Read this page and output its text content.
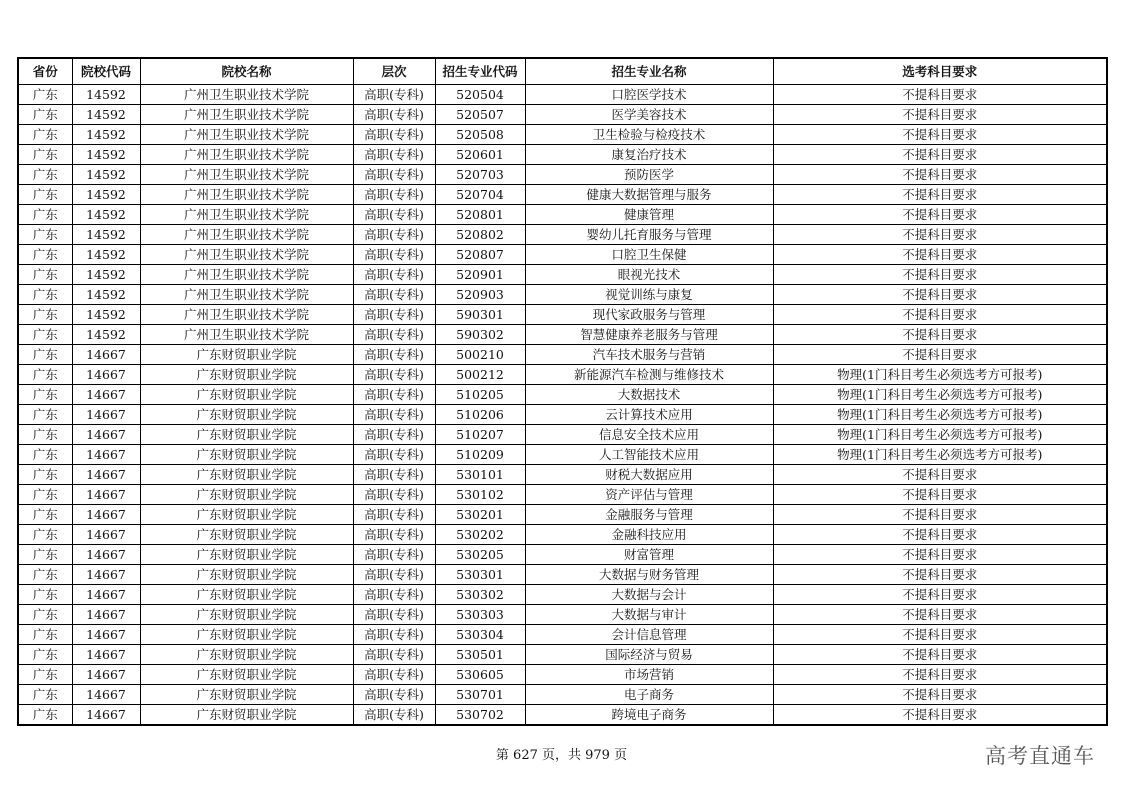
省份	院校代码	院校名称	层次	招生专业代码	招生专业名称	选考科目要求
广东	14592	广州卫生职业技术学院	高职(专科)	520504	口腔医学技术	不提科目要求
广东	14592	广州卫生职业技术学院	高职(专科)	520507	医学美容技术	不提科目要求
广东	14592	广州卫生职业技术学院	高职(专科)	520508	卫生检验与检疫技术	不提科目要求
广东	14592	广州卫生职业技术学院	高职(专科)	520601	康复治疗技术	不提科目要求
广东	14592	广州卫生职业技术学院	高职(专科)	520703	预防医学	不提科目要求
广东	14592	广州卫生职业技术学院	高职(专科)	520704	健康大数据管理与服务	不提科目要求
广东	14592	广州卫生职业技术学院	高职(专科)	520801	健康管理	不提科目要求
广东	14592	广州卫生职业技术学院	高职(专科)	520802	婴幼儿托育服务与管理	不提科目要求
广东	14592	广州卫生职业技术学院	高职(专科)	520807	口腔卫生保健	不提科目要求
广东	14592	广州卫生职业技术学院	高职(专科)	520901	眼视光技术	不提科目要求
广东	14592	广州卫生职业技术学院	高职(专科)	520903	视觉训练与康复	不提科目要求
广东	14592	广州卫生职业技术学院	高职(专科)	590301	现代家政服务与管理	不提科目要求
广东	14592	广州卫生职业技术学院	高职(专科)	590302	智慧健康养老服务与管理	不提科目要求
广东	14667	广东财贸职业学院	高职(专科)	500210	汽车技术服务与营销	不提科目要求
广东	14667	广东财贸职业学院	高职(专科)	500212	新能源汽车检测与维修技术	物理(1门科目考生必须选考方可报考)
广东	14667	广东财贸职业学院	高职(专科)	510205	大数据技术	物理(1门科目考生必须选考方可报考)
广东	14667	广东财贸职业学院	高职(专科)	510206	云计算技术应用	物理(1门科目考生必须选考方可报考)
广东	14667	广东财贸职业学院	高职(专科)	510207	信息安全技术应用	物理(1门科目考生必须选考方可报考)
广东	14667	广东财贸职业学院	高职(专科)	510209	人工智能技术应用	物理(1门科目考生必须选考方可报考)
广东	14667	广东财贸职业学院	高职(专科)	530101	财税大数据应用	不提科目要求
广东	14667	广东财贸职业学院	高职(专科)	530102	资产评估与管理	不提科目要求
广东	14667	广东财贸职业学院	高职(专科)	530201	金融服务与管理	不提科目要求
广东	14667	广东财贸职业学院	高职(专科)	530202	金融科技应用	不提科目要求
广东	14667	广东财贸职业学院	高职(专科)	530205	财富管理	不提科目要求
广东	14667	广东财贸职业学院	高职(专科)	530301	大数据与财务管理	不提科目要求
广东	14667	广东财贸职业学院	高职(专科)	530302	大数据与会计	不提科目要求
广东	14667	广东财贸职业学院	高职(专科)	530303	大数据与审计	不提科目要求
广东	14667	广东财贸职业学院	高职(专科)	530304	会计信息管理	不提科目要求
广东	14667	广东财贸职业学院	高职(专科)	530501	国际经济与贸易	不提科目要求
广东	14667	广东财贸职业学院	高职(专科)	530605	市场营销	不提科目要求
广东	14667	广东财贸职业学院	高职(专科)	530701	电子商务	不提科目要求
广东	14667	广东财贸职业学院	高职(专科)	530702	跨境电子商务	不提科目要求
第 627 页，共 979 页	高考直通车
